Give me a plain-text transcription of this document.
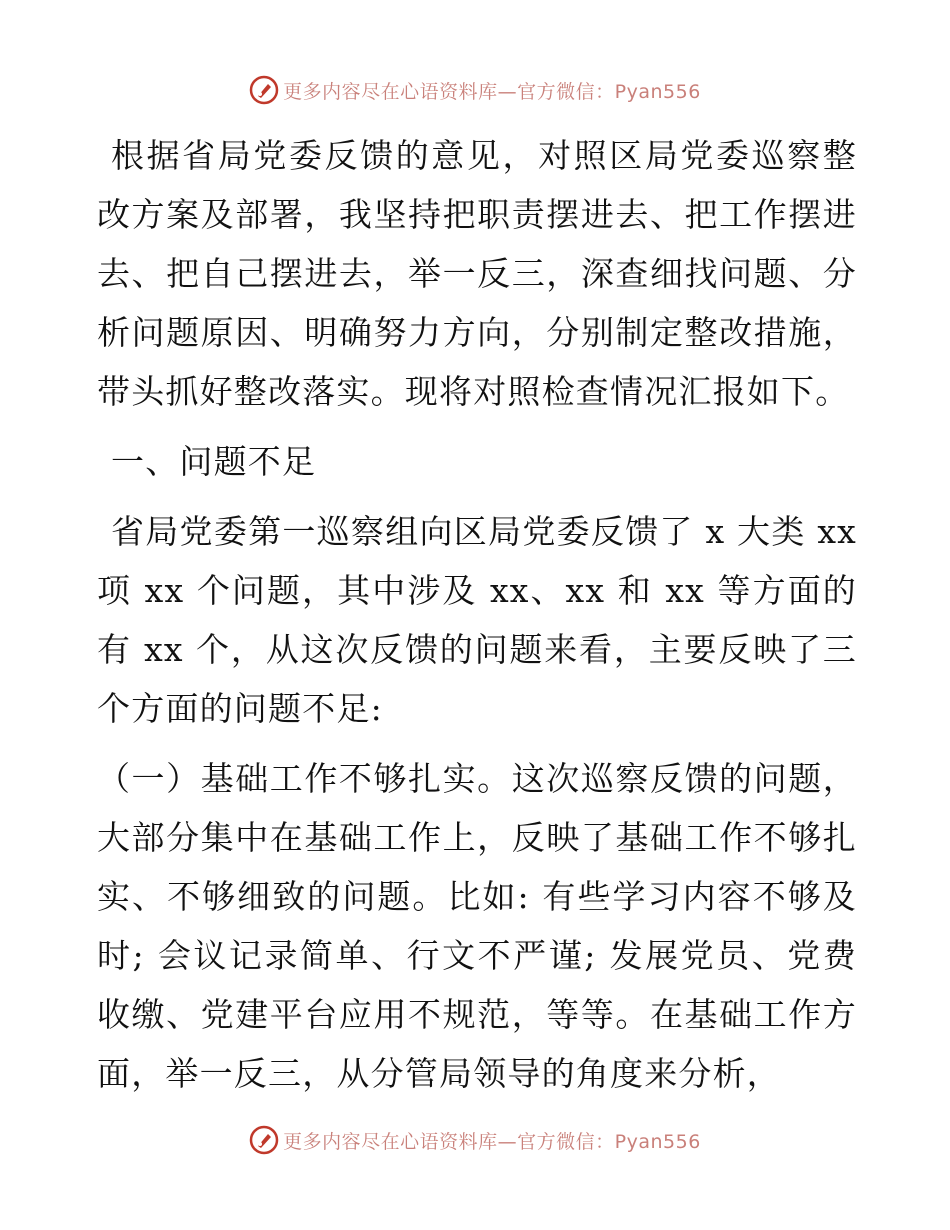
更多内容尽在心语资料库—官方微信：Pyan556

根据省局党委反馈的意见，对照区局党委巡察整改方案及部署，我坚持把职责摆进去、把工作摆进去、把自己摆进去，举一反三，深查细找问题、分析问题原因、明确努力方向，分别制定整改措施，带头抓好整改落实。现将对照检查情况汇报如下。

一、问题不足

省局党委第一巡察组向区局党委反馈了 x 大类 xx 项 xx 个问题，其中涉及 xx、xx 和 xx 等方面的有 xx 个，从这次反馈的问题来看，主要反映了三个方面的问题不足:

（一）基础工作不够扎实。这次巡察反馈的问题，大部分集中在基础工作上，反映了基础工作不够扎实、不够细致的问题。比如: 有些学习内容不够及时; 会议记录简单、行文不严谨; 发展党员、党费收缴、党建平台应用不规范，等等。在基础工作方面，举一反三，从分管局领导的角度来分析，

更多内容尽在心语资料库—官方微信：Pyan556
